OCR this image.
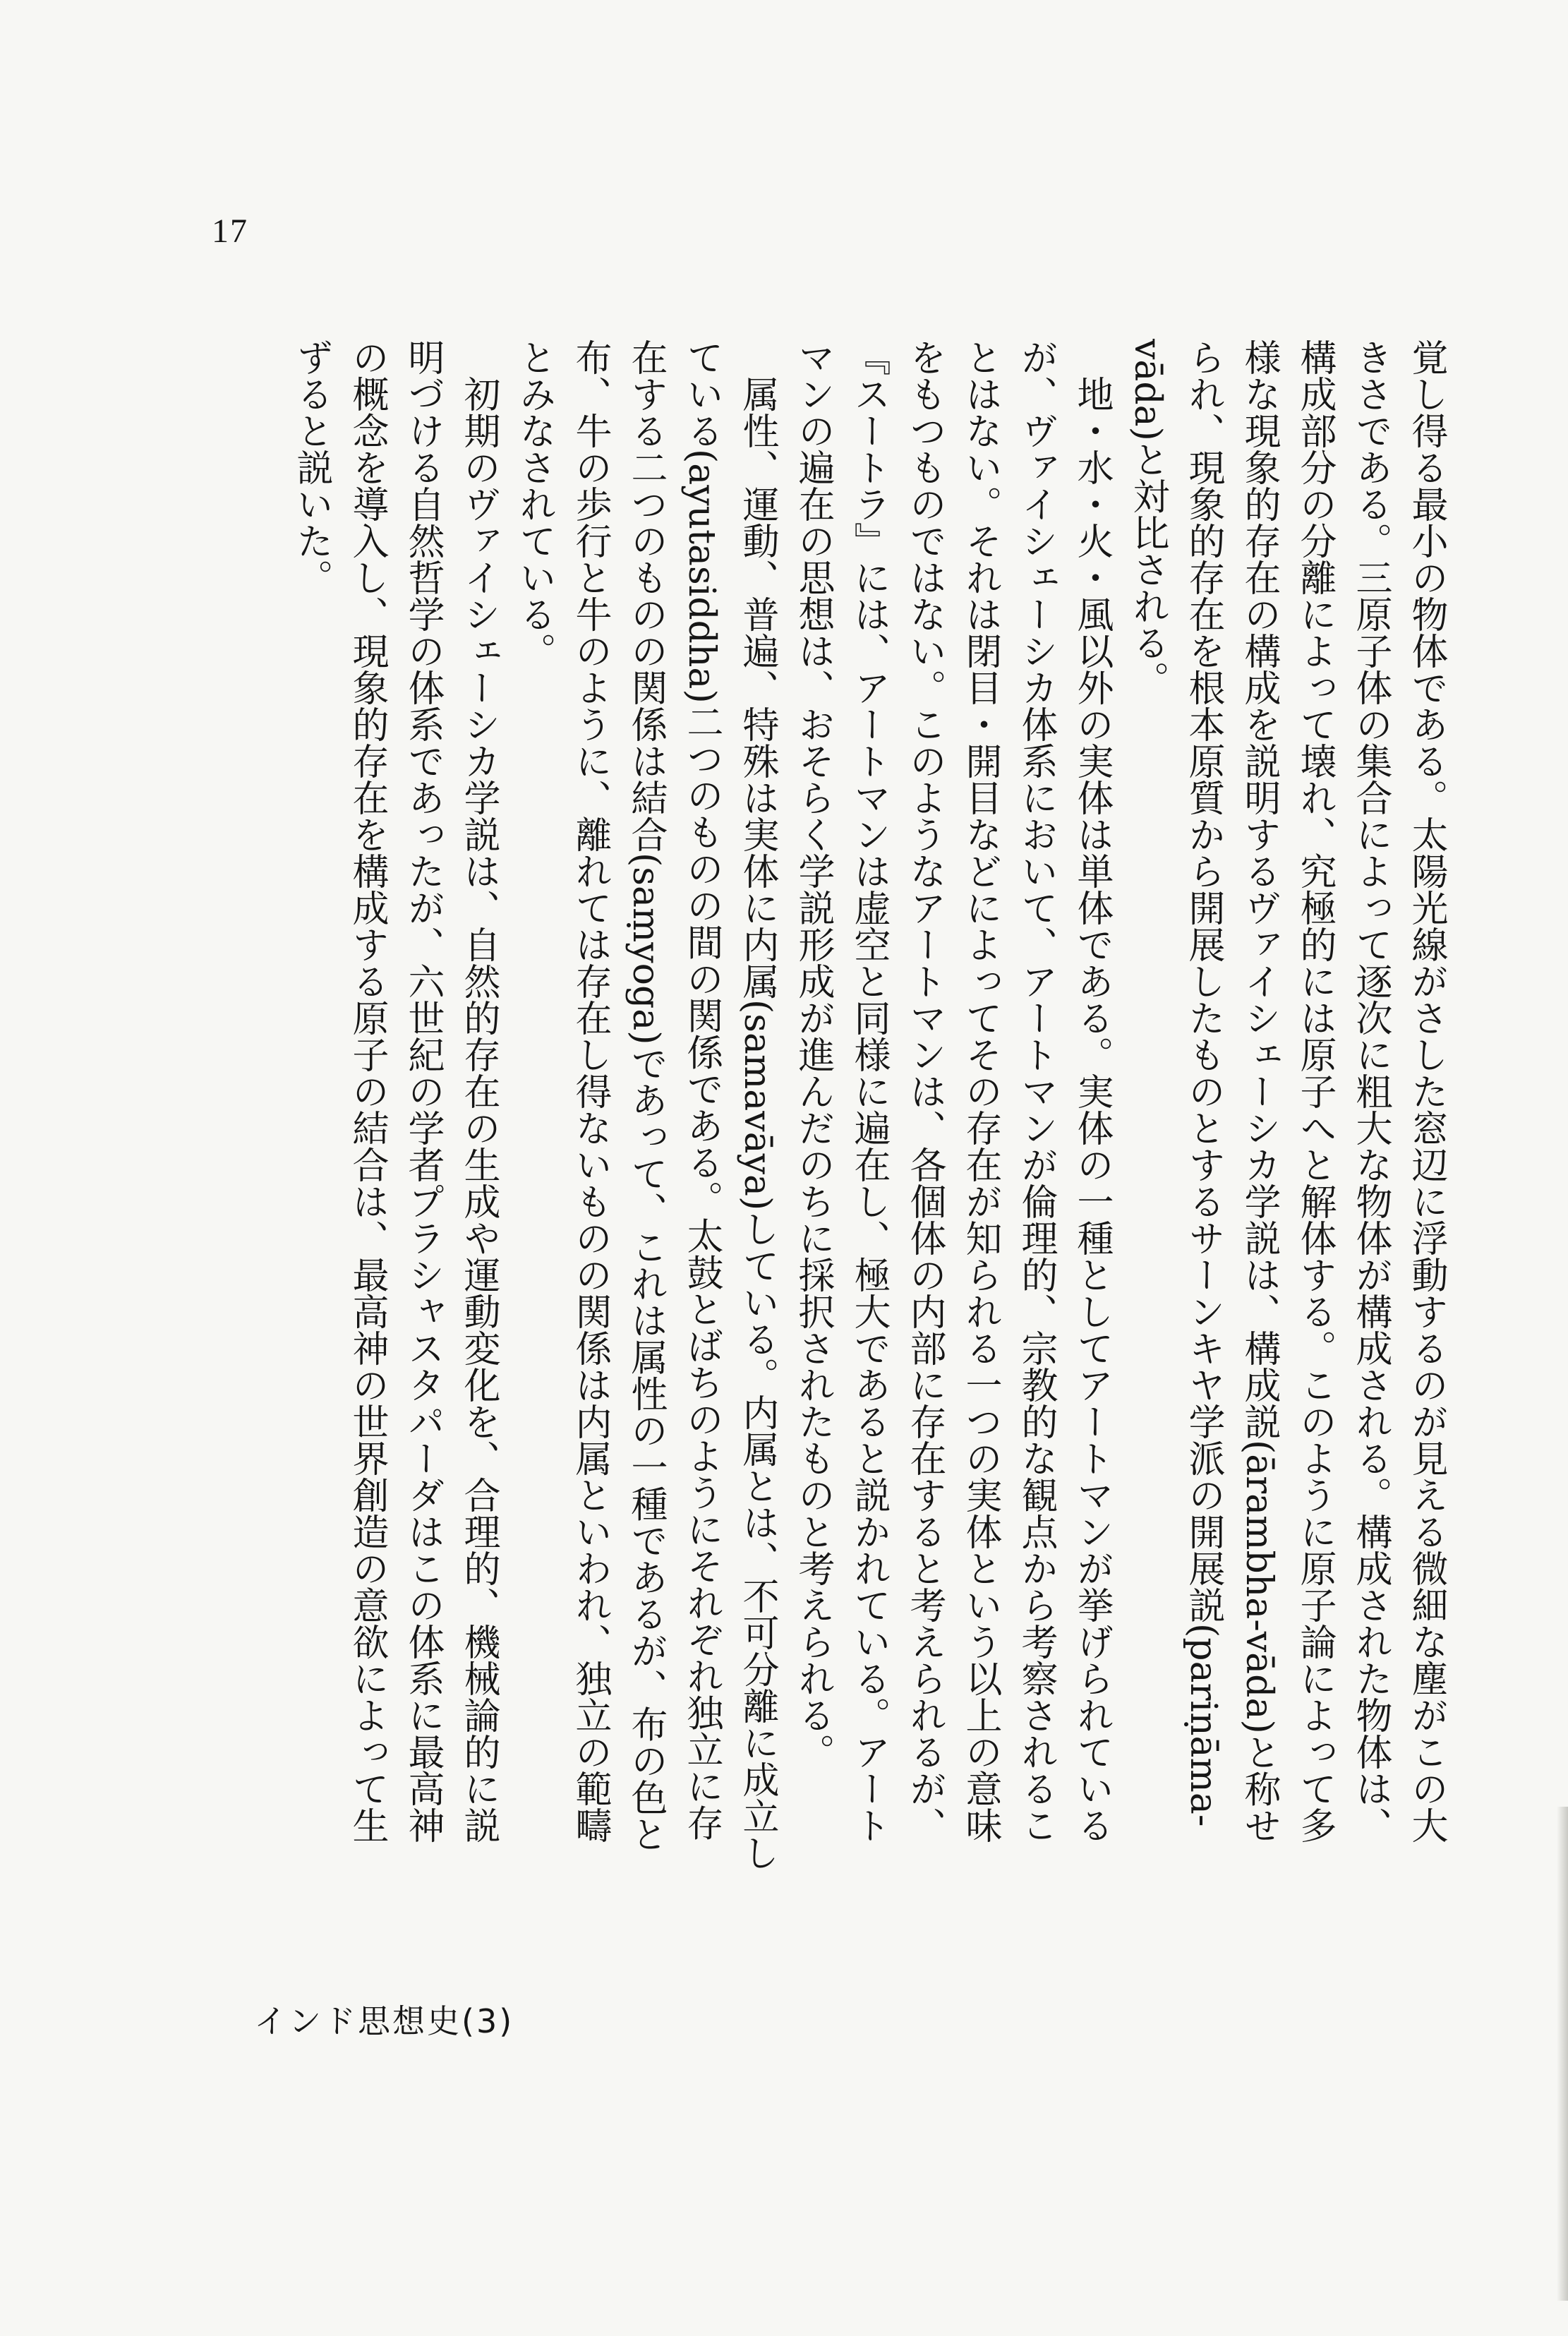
17

覚し得る最小の物体である。太陽光線がさした窓辺に浮動するのが見える微細な塵がこの大きさである。三原子体の集合によって逐次に粗大な物体が構成される。構成された物体は、構成部分の分離によって壊れ、究極的には原子へと解体する。このように原子論によって多様な現象的存在の構成を説明するヴァイシェーシカ学説は、構成説(ārambha-vāda)と称せられ、現象的存在を根本原質から開展したものとするサーンキヤ学派の開展説(pariṇāma-vāda)と対比される。

地・水・火・風以外の実体は単体である。実体の一種としてアートマンが挙げられているが、ヴァイシェーシカ体系において、アートマンが倫理的、宗教的な観点から考察されることはない。それは閉目・開目などによってその存在が知られる一つの実体という以上の意味をもつものではない。このようなアートマンは、各個体の内部に存在すると考えられるが、『スートラ』には、アートマンは虚空と同様に遍在し、極大であると説かれている。アートマンの遍在の思想は、おそらく学説形成が進んだのちに採択されたものと考えられる。

属性、運動、普遍、特殊は実体に内属(samavāya)している。内属とは、不可分離に成立している(ayutasiddha)二つのものの間の関係である。太鼓とばちのようにそれぞれ独立に存在する二つのものの関係は結合(saṃyoga)であって、これは属性の一種であるが、布の色と布、牛の歩行と牛のように、離れては存在し得ないものの関係は内属といわれ、独立の範疇とみなされている。

初期のヴァイシェーシカ学説は、自然的存在の生成や運動変化を、合理的、機械論的に説明づける自然哲学の体系であったが、六世紀の学者プラシャスタパーダはこの体系に最高神の概念を導入し、現象的存在を構成する原子の結合は、最高神の世界創造の意欲によって生ずると説いた。

インド思想史(3)
